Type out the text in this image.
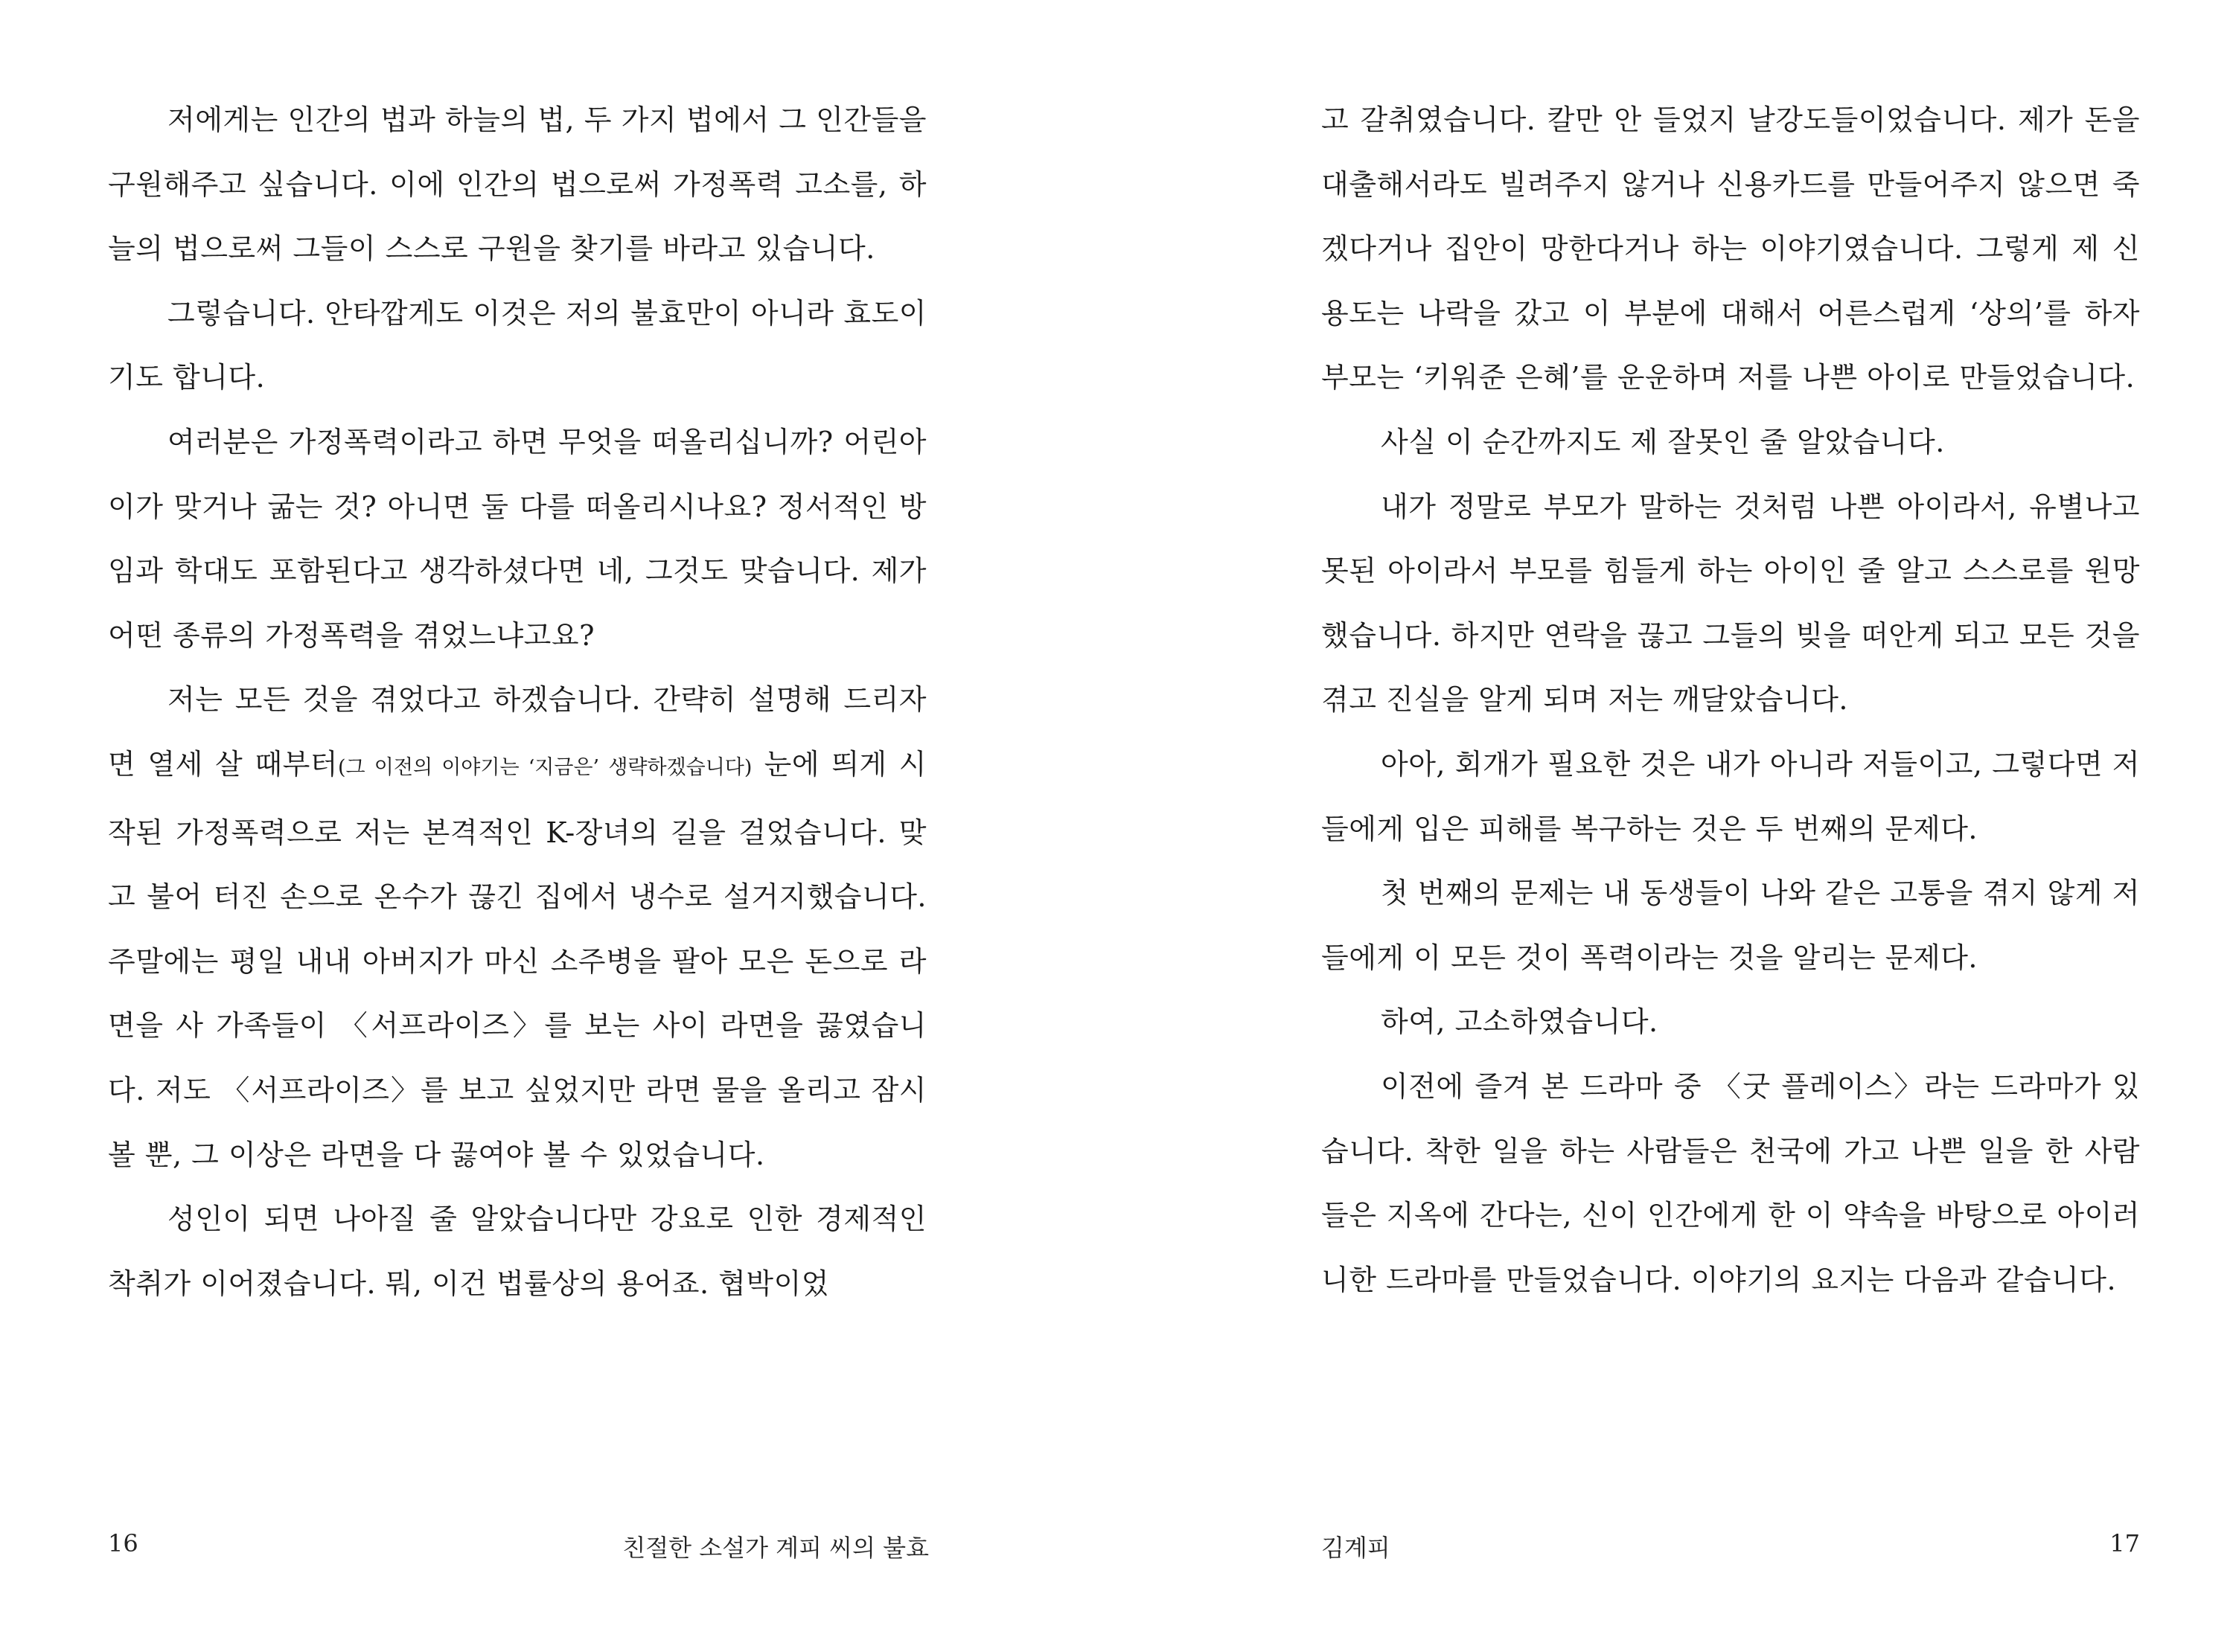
저에게는 인간의 법과 하늘의 법, 두 가지 법에서 그 인간들을 구원해주고 싶습니다. 이에 인간의 법으로써 가정폭력 고소를, 하늘의 법으로써 그들이 스스로 구원을 찾기를 바라고 있습니다.

그렇습니다. 안타깝게도 이것은 저의 불효만이 아니라 효도이기도 합니다.

여러분은 가정폭력이라고 하면 무엇을 떠올리십니까? 어린아이가 맞거나 굶는 것? 아니면 둘 다를 떠올리시나요? 정서적인 방임과 학대도 포함된다고 생각하셨다면 네, 그것도 맞습니다. 제가 어떤 종류의 가정폭력을 겪었느냐고요?

저는 모든 것을 겪었다고 하겠습니다. 간략히 설명해 드리자면 열세 살 때부터(그 이전의 이야기는 ‘지금은’ 생략하겠습니다) 눈에 띄게 시작된 가정폭력으로 저는 본격적인 K-장녀의 길을 걸었습니다. 맞고 불어 터진 손으로 온수가 끊긴 집에서 냉수로 설거지했습니다. 주말에는 평일 내내 아버지가 마신 소주병을 팔아 모은 돈으로 라면을 사 가족들이 〈서프라이즈〉를 보는 사이 라면을 끓였습니다. 저도 〈서프라이즈〉를 보고 싶었지만 라면 물을 올리고 잠시 볼 뿐, 그 이상은 라면을 다 끓여야 볼 수 있었습니다.

성인이 되면 나아질 줄 알았습니다만 강요로 인한 경제적인 착취가 이어졌습니다. 뭐, 이건 법률상의 용어죠. 협박이었

16	친절한 소설가 계피 씨의 불효

고 갈취였습니다. 칼만 안 들었지 날강도들이었습니다. 제가 돈을 대출해서라도 빌려주지 않거나 신용카드를 만들어주지 않으면 죽겠다거나 집안이 망한다거나 하는 이야기였습니다. 그렇게 제 신용도는 나락을 갔고 이 부분에 대해서 어른스럽게 ‘상의’를 하자 부모는 ‘키워준 은혜’를 운운하며 저를 나쁜 아이로 만들었습니다.

사실 이 순간까지도 제 잘못인 줄 알았습니다.

내가 정말로 부모가 말하는 것처럼 나쁜 아이라서, 유별나고 못된 아이라서 부모를 힘들게 하는 아이인 줄 알고 스스로를 원망했습니다. 하지만 연락을 끊고 그들의 빚을 떠안게 되고 모든 것을 겪고 진실을 알게 되며 저는 깨달았습니다.

아아, 회개가 필요한 것은 내가 아니라 저들이고, 그렇다면 저들에게 입은 피해를 복구하는 것은 두 번째의 문제다.

첫 번째의 문제는 내 동생들이 나와 같은 고통을 겪지 않게 저들에게 이 모든 것이 폭력이라는 것을 알리는 문제다.

하여, 고소하였습니다.

이전에 즐겨 본 드라마 중 〈굿 플레이스〉라는 드라마가 있습니다. 착한 일을 하는 사람들은 천국에 가고 나쁜 일을 한 사람들은 지옥에 간다는, 신이 인간에게 한 이 약속을 바탕으로 아이러니한 드라마를 만들었습니다. 이야기의 요지는 다음과 같습니다.

김계피	17
